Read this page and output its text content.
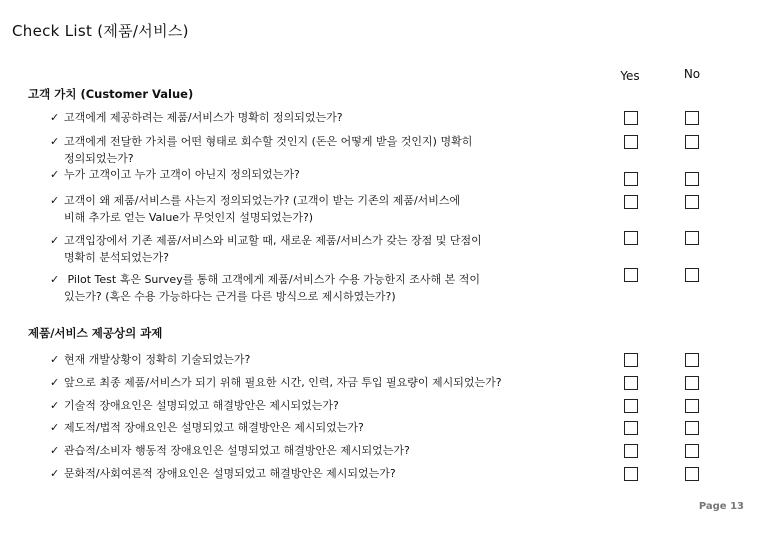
Check List (제품/서비스)
Yes	No
고객 가치 (Customer Value)
✓ 고객에게 제공하려는 제품/서비스가 명확히 정의되었는가?
✓ 고객에게 전달한 가치를 어떤 형태로 회수할 것인지 (돈은 어떻게 받을 것인지) 명확히
정의되었는가?
✓ 누가 고객이고 누가 고객이 아닌지 정의되었는가?
✓ 고객이 왜 제품/서비스를 사는지 정의되었는가? (고객이 받는 기존의 제품/서비스에
비해 추가로 얻는 Value가 무엇인지 설명되었는가?)
✓ 고객입장에서 기존 제품/서비스와 비교할 때, 새로운 제품/서비스가 갖는 장점 및 단점이
명확히 분석되었는가?
✓ Pilot Test 혹은 Survey를 통해 고객에게 제품/서비스가 수용 가능한지 조사해 본 적이
있는가? (혹은 수용 가능하다는 근거를 다른 방식으로 제시하였는가?)
제품/서비스 제공상의 과제
✓ 현재 개발상황이 정확히 기술되었는가?
✓ 앞으로 최종 제품/서비스가 되기 위해 필요한 시간, 인력, 자금 투입 필요량이 제시되었는가?
✓ 기술적 장애요인은 설명되었고 해결방안은 제시되었는가?
✓ 제도적/법적 장애요인은 설명되었고 해결방안은 제시되었는가?
✓ 관습적/소비자 행동적 장애요인은 설명되었고 해결방안은 제시되었는가?
✓ 문화적/사회여론적 장애요인은 설명되었고 해결방안은 제시되었는가?
Page 13
